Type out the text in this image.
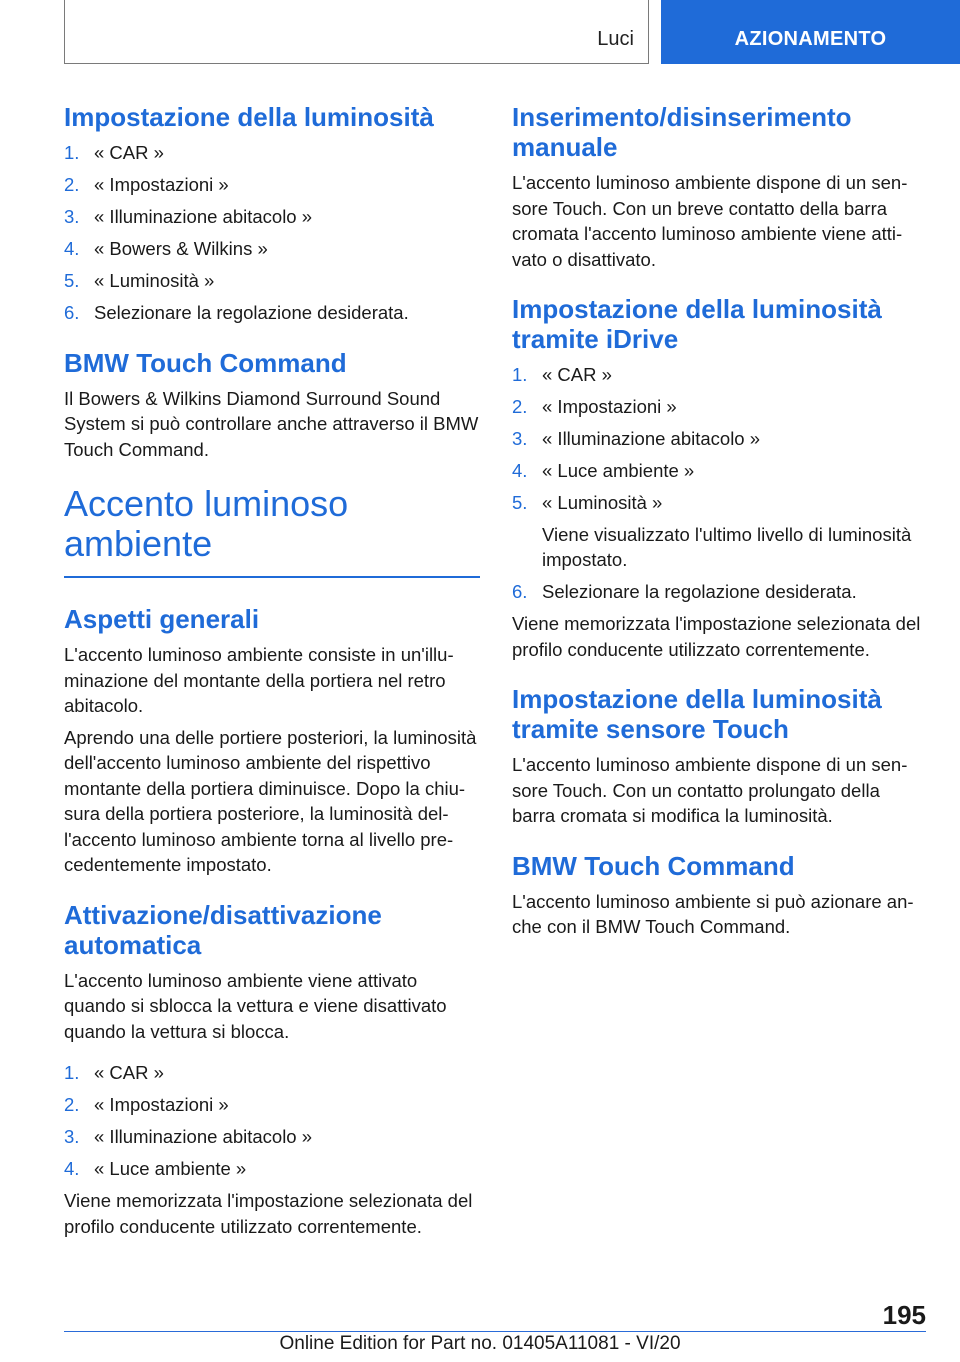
Luci	AZIONAMENTO
Impostazione della luminosità
1. « CAR »
2. « Impostazioni »
3. « Illuminazione abitacolo »
4. « Bowers & Wilkins »
5. « Luminosità »
6. Selezionare la regolazione desiderata.
BMW Touch Command

Il Bowers & Wilkins Diamond Surround Sound System si può controllare anche attraverso il BMW Touch Command.

Accento luminoso ambiente
Aspetti generali

L'accento luminoso ambiente consiste in un'illuminazione del montante della portiera nel retro abitacolo.

Aprendo una delle portiere posteriori, la luminosità dell'accento luminoso ambiente del rispettivo montante della portiera diminuisce. Dopo la chiusura della portiera posteriore, la luminosità dell'accento luminoso ambiente torna al livello precedentemente impostato.

Attivazione/disattivazione automatica

L'accento luminoso ambiente viene attivato quando si sblocca la vettura e viene disattivato quando la vettura si blocca.

1. « CAR »
2. « Impostazioni »
3. « Illuminazione abitacolo »
4. « Luce ambiente »

Viene memorizzata l'impostazione selezionata del profilo conducente utilizzato correntemente.

Inserimento/disinserimento manuale

L'accento luminoso ambiente dispone di un sensore Touch. Con un breve contatto della barra cromata l'accento luminoso ambiente viene attivato o disattivato.

Impostazione della luminosità tramite iDrive
1. « CAR »
2. « Impostazioni »
3. « Illuminazione abitacolo »
4. « Luce ambiente »
5. « Luminosità »
Viene visualizzato l'ultimo livello di luminosità impostato.
6. Selezionare la regolazione desiderata.

Viene memorizzata l'impostazione selezionata del profilo conducente utilizzato correntemente.

Impostazione della luminosità tramite sensore Touch

L'accento luminoso ambiente dispone di un sensore Touch. Con un contatto prolungato della barra cromata si modifica la luminosità.

BMW Touch Command

L'accento luminoso ambiente si può azionare anche con il BMW Touch Command.

195
Online Edition for Part no. 01405A11081 - VI/20
